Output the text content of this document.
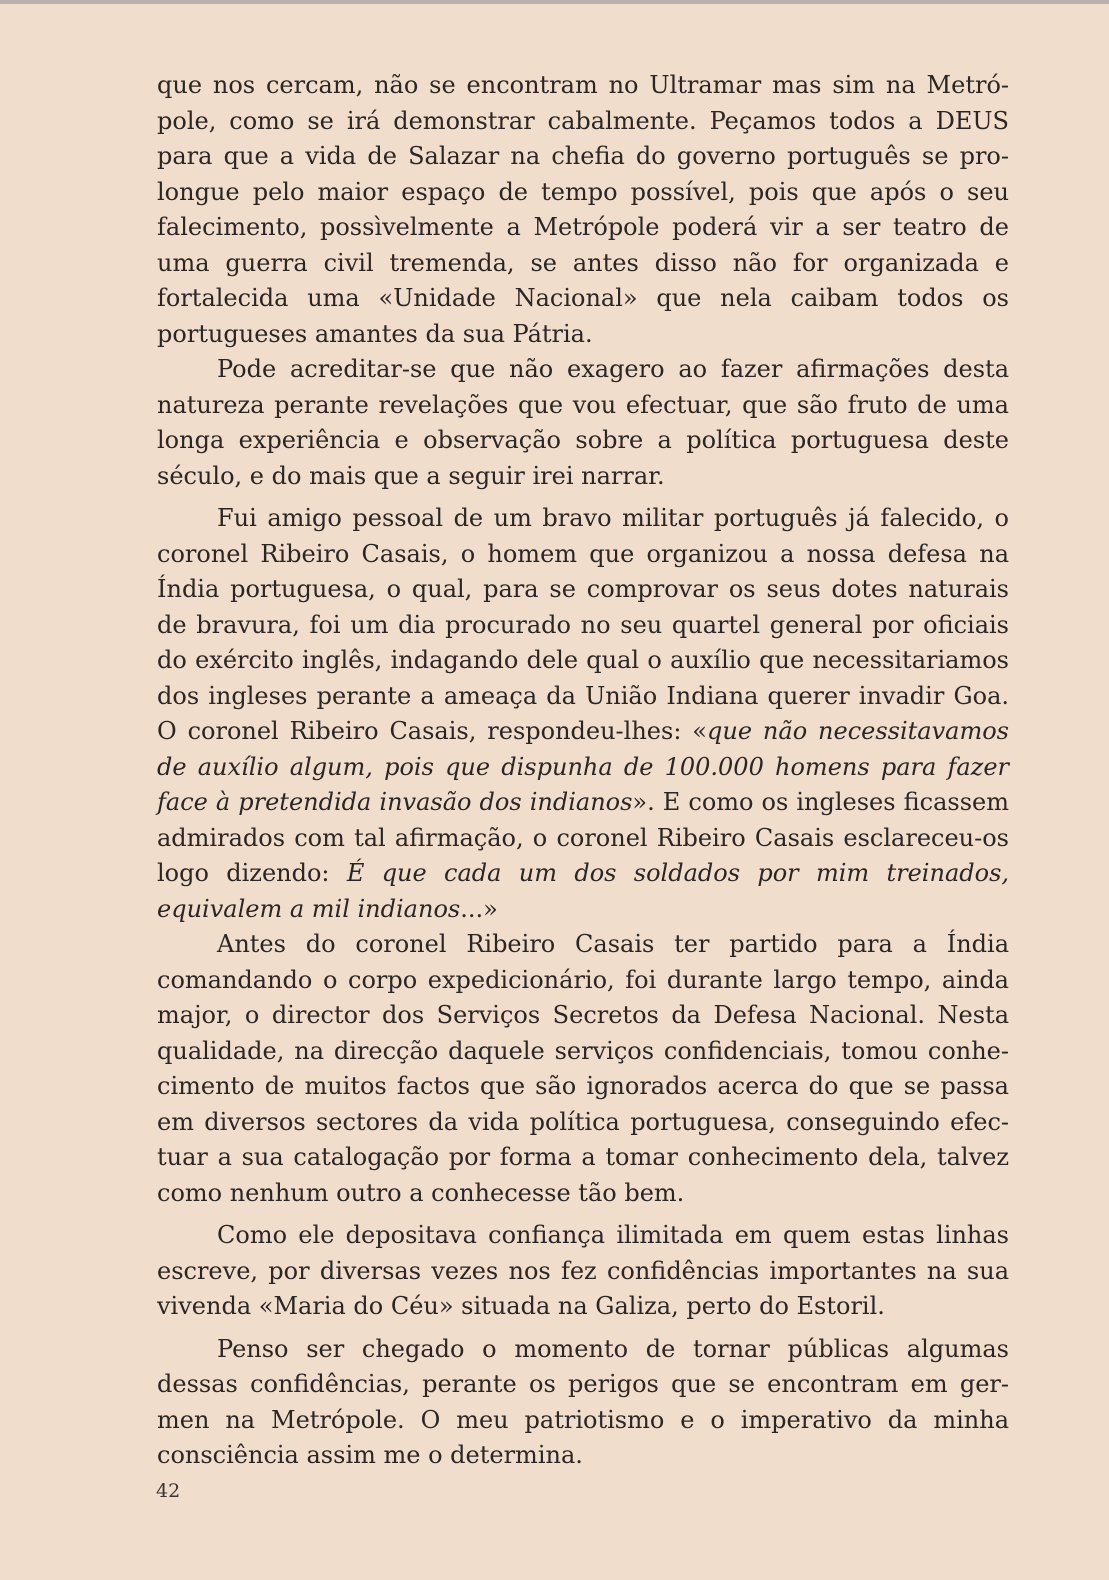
que nos cercam, não se encontram no Ultramar mas sim na Metrópole, como se irá demonstrar cabalmente. Peçamos todos a DEUS para que a vida de Salazar na chefia do governo português se prolongue pelo maior espaço de tempo possível, pois que após o seu falecimento, possìvelmente a Metrópole poderá vir a ser teatro de uma guerra civil tremenda, se antes disso não for organizada e fortalecida uma «Unidade Nacional» que nela caibam todos os portugueses amantes da sua Pátria.

Pode acreditar-se que não exagero ao fazer afirmações desta natureza perante revelações que vou efectuar, que são fruto de uma longa experiência e observação sobre a política portuguesa deste século, e do mais que a seguir irei narrar.

Fui amigo pessoal de um bravo militar português já falecido, o coronel Ribeiro Casais, o homem que organizou a nossa defesa na Índia portuguesa, o qual, para se comprovar os seus dotes naturais de bravura, foi um dia procurado no seu quartel general por oficiais do exército inglês, indagando dele qual o auxílio que necessitariamos dos ingleses perante a ameaça da União Indiana querer invadir Goa. O coronel Ribeiro Casais, respondeu-lhes: «que não necessitavamos de auxílio algum, pois que dispunha de 100.000 homens para fazer face à pretendida invasão dos indianos». E como os ingleses ficassem admirados com tal afirmação, o coronel Ribeiro Casais esclareceu-os logo dizendo: É que cada um dos soldados por mim treinados, equivalem a mil indianos...»

Antes do coronel Ribeiro Casais ter partido para a Índia comandando o corpo expedicionário, foi durante largo tempo, ainda major, o director dos Serviços Secretos da Defesa Nacional. Nesta qualidade, na direcção daquele serviços confidenciais, tomou conhecimento de muitos factos que são ignorados acerca do que se passa em diversos sectores da vida política portuguesa, conseguindo efectuar a sua catalogação por forma a tomar conhecimento dela, talvez como nenhum outro a conhecesse tão bem.

Como ele depositava confiança ilimitada em quem estas linhas escreve, por diversas vezes nos fez confidências importantes na sua vivenda «Maria do Céu» situada na Galiza, perto do Estoril.

Penso ser chegado o momento de tornar públicas algumas dessas confidências, perante os perigos que se encontram em germen na Metrópole. O meu patriotismo e o imperativo da minha consciência assim me o determina.

42
